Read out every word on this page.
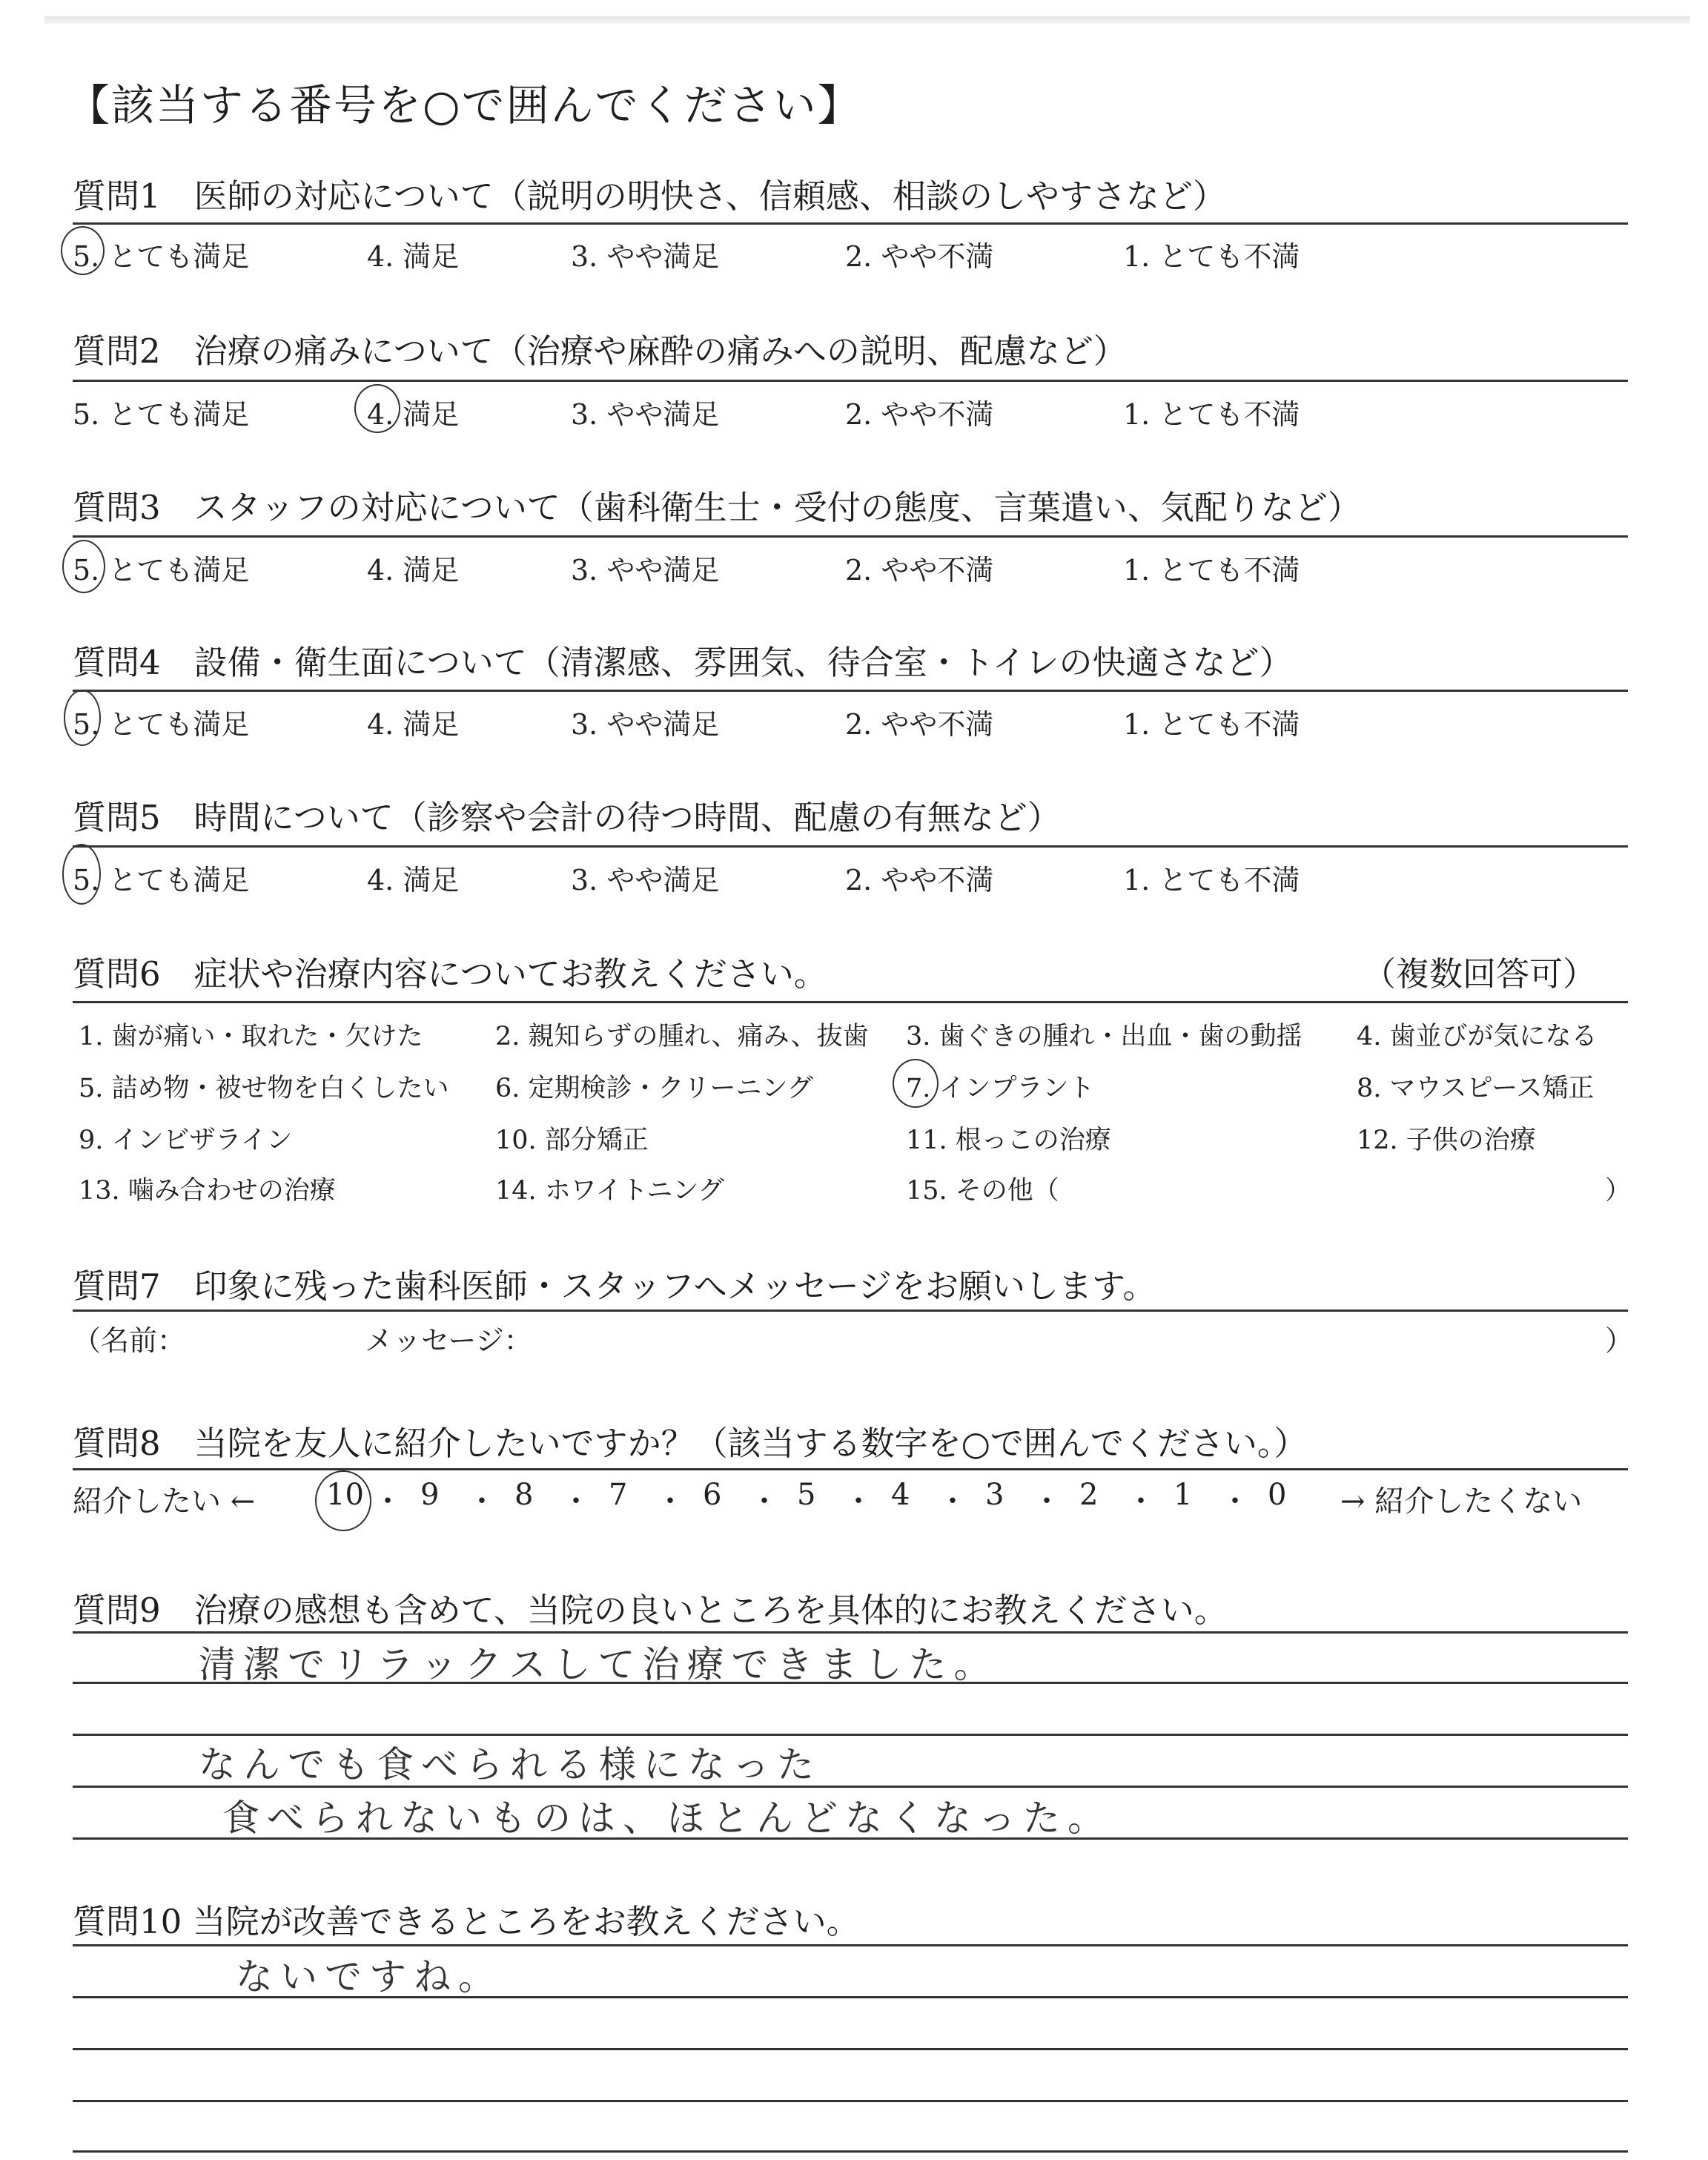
【該当する番号を○で囲んでください】
質問1　医師の対応について（説明の明快さ、信頼感、相談のしやすさなど）
5. とても満足	4. 満足	3. やや満足	2. やや不満	1. とても不満
質問2　治療の痛みについて（治療や麻酔の痛みへの説明、配慮など）
5. とても満足	4. 満足	3. やや満足	2. やや不満	1. とても不満
質問3　スタッフの対応について（歯科衛生士・受付の態度、言葉遣い、気配りなど）
5. とても満足	4. 満足	3. やや満足	2. やや不満	1. とても不満
質問4　設備・衛生面について（清潔感、雰囲気、待合室・トイレの快適さなど）
5. とても満足	4. 満足	3. やや満足	2. やや不満	1. とても不満
質問5　時間について（診察や会計の待つ時間、配慮の有無など）
5. とても満足	4. 満足	3. やや満足	2. やや不満	1. とても不満
質問6　症状や治療内容についてお教えください。	（複数回答可）
1. 歯が痛い・取れた・欠けた	2. 親知らずの腫れ、痛み、抜歯 3. 歯ぐきの腫れ・出血・歯の動揺 4. 歯並びが気になる
5. 詰め物・被せ物を白くしたい 6. 定期検診・クリーニング	7. インプラント	8. マウスピース矯正
9. インビザライン	10. 部分矯正	11. 根っこの治療	12. 子供の治療
13. 噛み合わせの治療	14. ホワイトニング	15. その他（	）
質問7　印象に残った歯科医師・スタッフへメッセージをお願いします。
（名前：	メッセージ：	）
質問8　当院を友人に紹介したいですか？（該当する数字を○で囲んでください。）
紹介したい ←	→ 紹介したくない
10 ・ 9 ・ 8 ・ 7 ・ 6 ・ 5 ・ 4 ・ 3 ・ 2 ・ 1 ・ 0
質問9　治療の感想も含めて、当院の良いところを具体的にお教えください。
清潔でリラックスして治療できました。
なんでも食べられる様になった
食べられないものは、ほとんどなくなった。
質問10 当院が改善できるところをお教えください。
ないですね。
